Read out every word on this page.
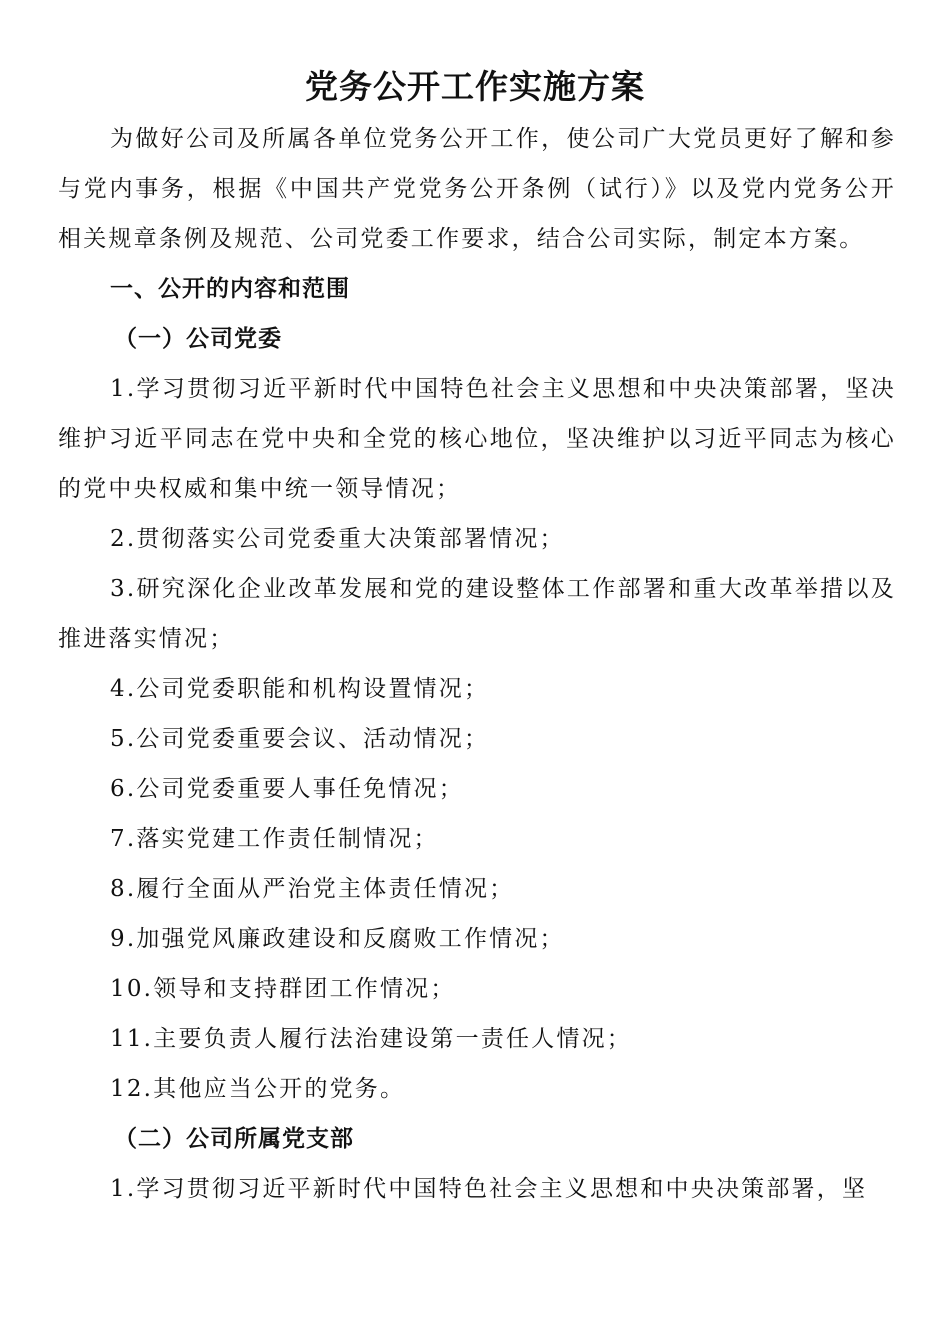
党务公开工作实施方案

为做好公司及所属各单位党务公开工作，使公司广大党员更好了解和参与党内事务，根据《中国共产党党务公开条例（试行）》以及党内党务公开相关规章条例及规范、公司党委工作要求，结合公司实际，制定本方案。

一、公开的内容和范围

（一）公司党委

1.学习贯彻习近平新时代中国特色社会主义思想和中央决策部署，坚决维护习近平同志在党中央和全党的核心地位，坚决维护以习近平同志为核心的党中央权威和集中统一领导情况；

2.贯彻落实公司党委重大决策部署情况；

3.研究深化企业改革发展和党的建设整体工作部署和重大改革举措以及推进落实情况；

4.公司党委职能和机构设置情况；

5.公司党委重要会议、活动情况；

6.公司党委重要人事任免情况；

7.落实党建工作责任制情况；

8.履行全面从严治党主体责任情况；

9.加强党风廉政建设和反腐败工作情况；

10.领导和支持群团工作情况；

11.主要负责人履行法治建设第一责任人情况；

12.其他应当公开的党务。

（二）公司所属党支部

1.学习贯彻习近平新时代中国特色社会主义思想和中央决策部署，坚
